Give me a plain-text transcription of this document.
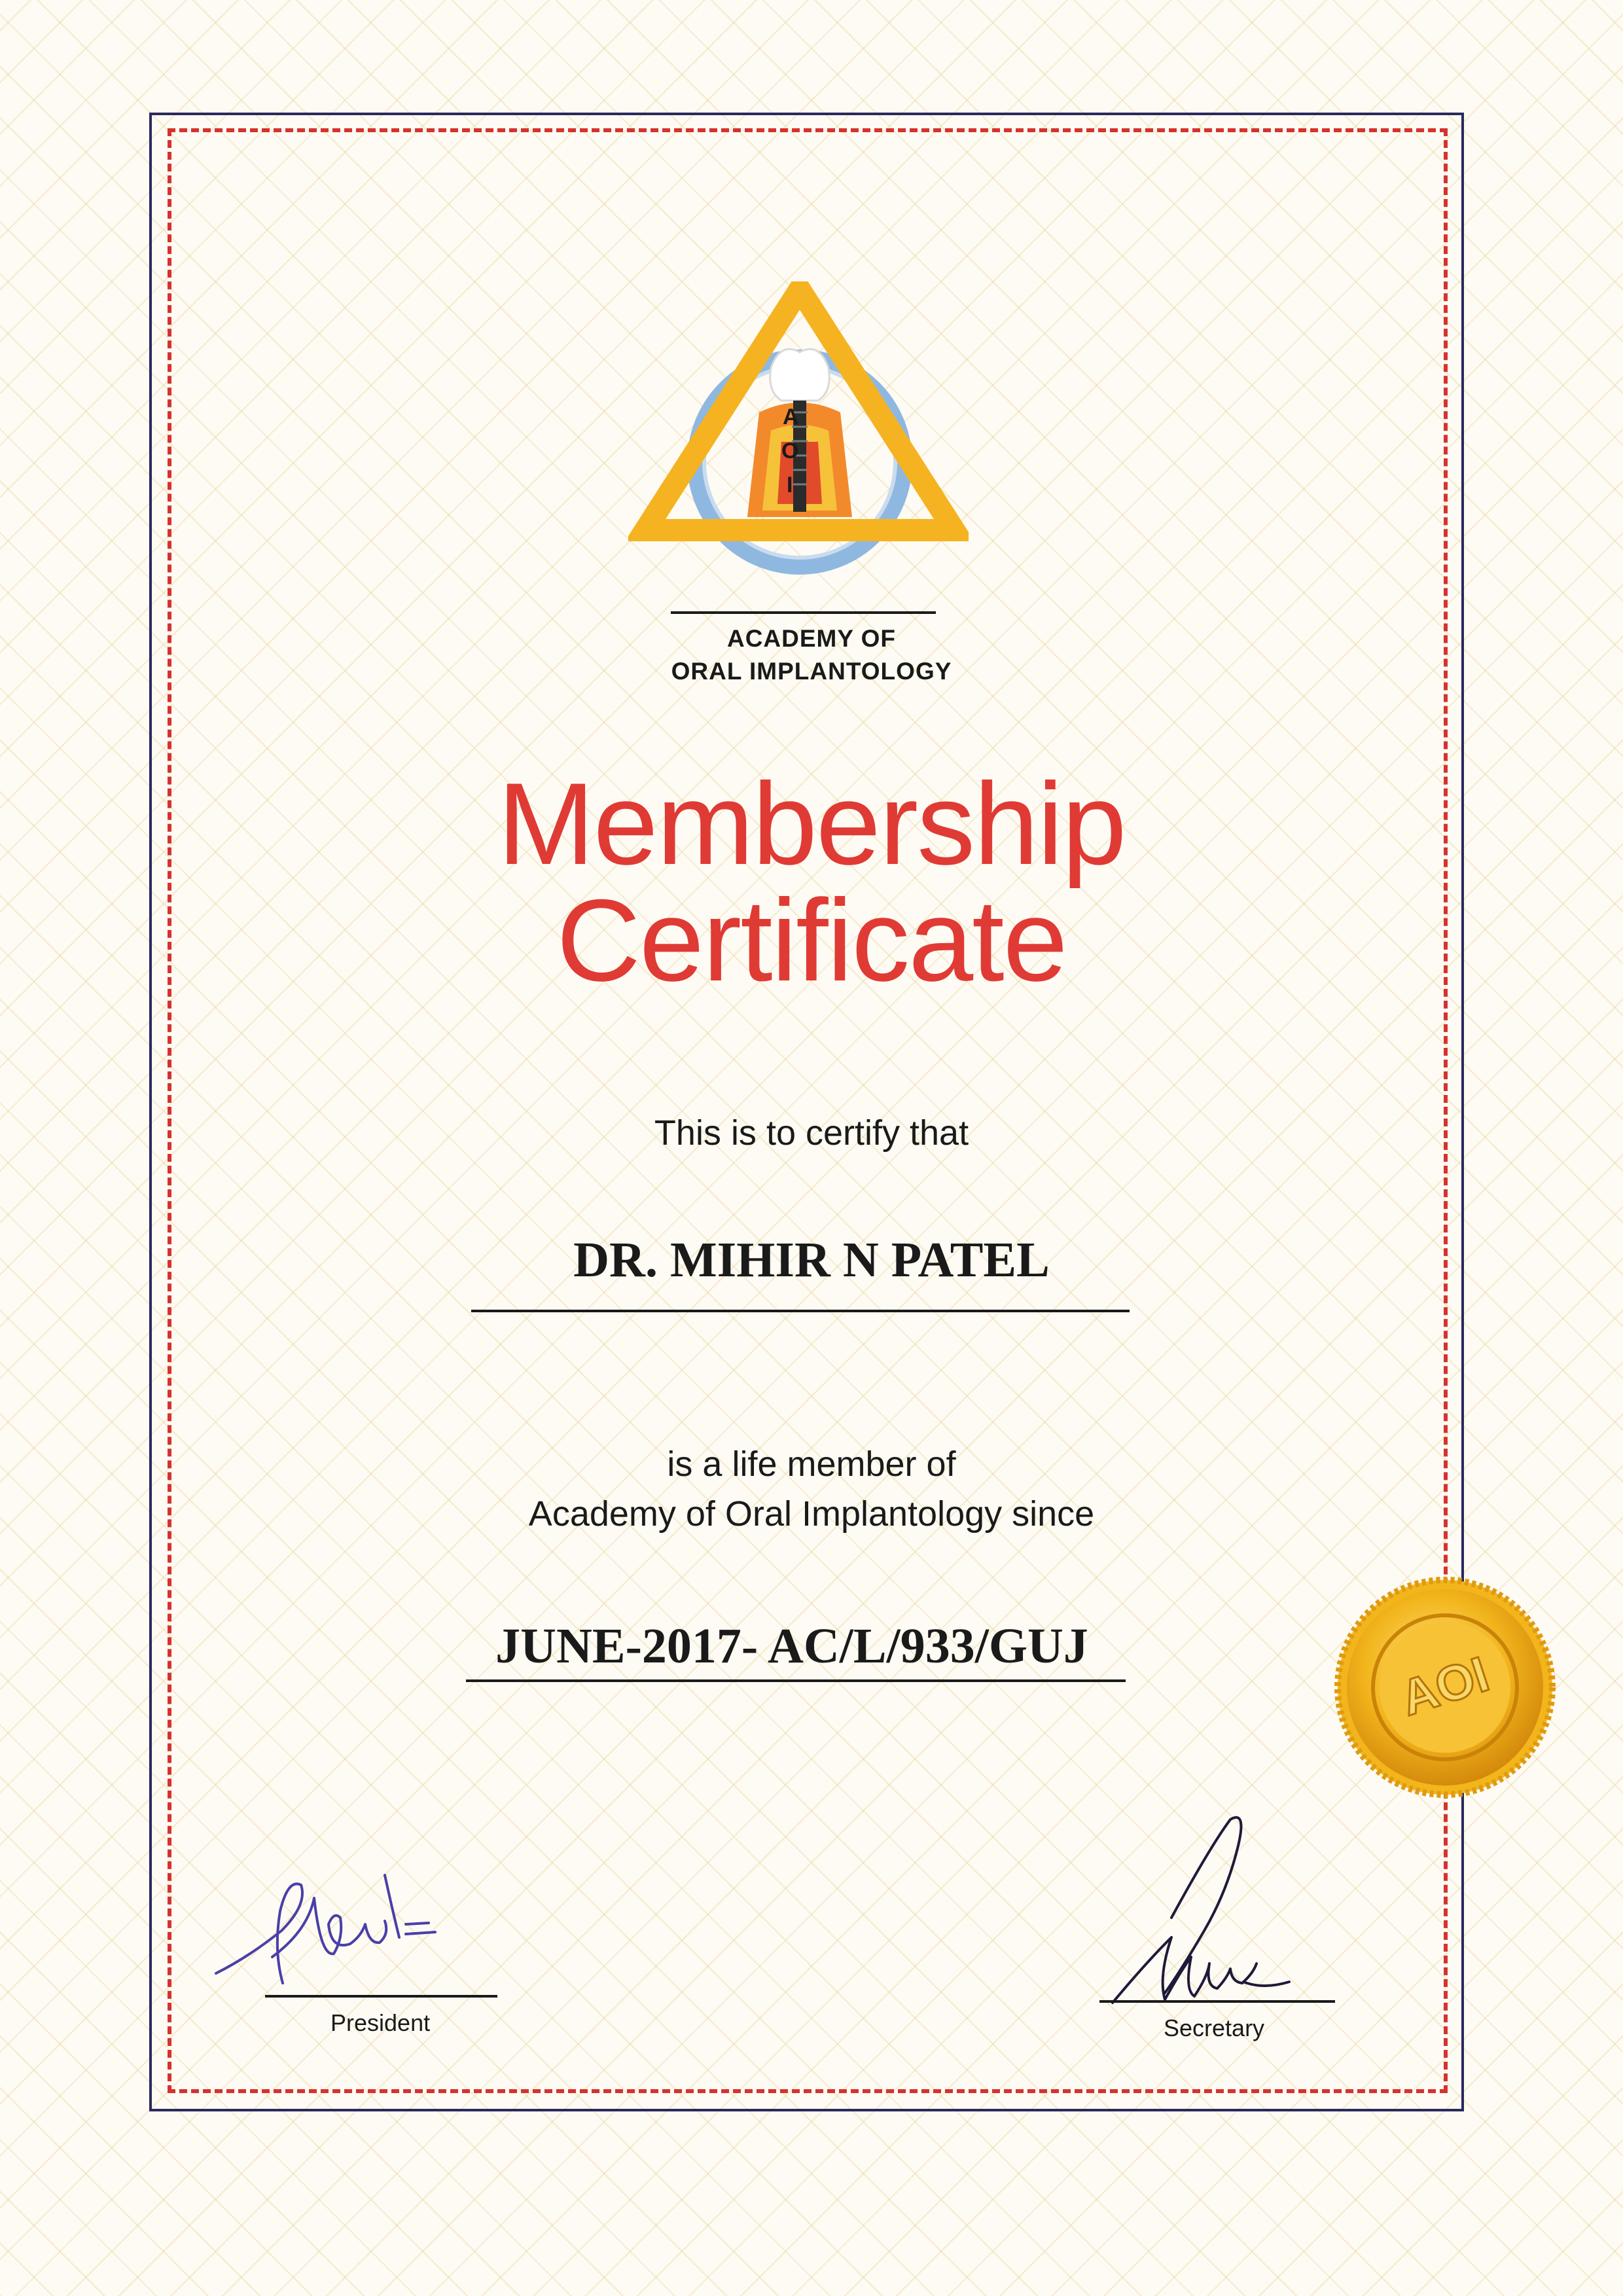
A
O
I
ACADEMY OF
ORAL IMPLANTOLOGY
Membership
Certificate
This is to certify that
DR. MIHIR N PATEL
is a life member of
Academy of Oral Implantology since
JUNE-2017- AC/L/933/GUJ
AOI
President	Secretary
